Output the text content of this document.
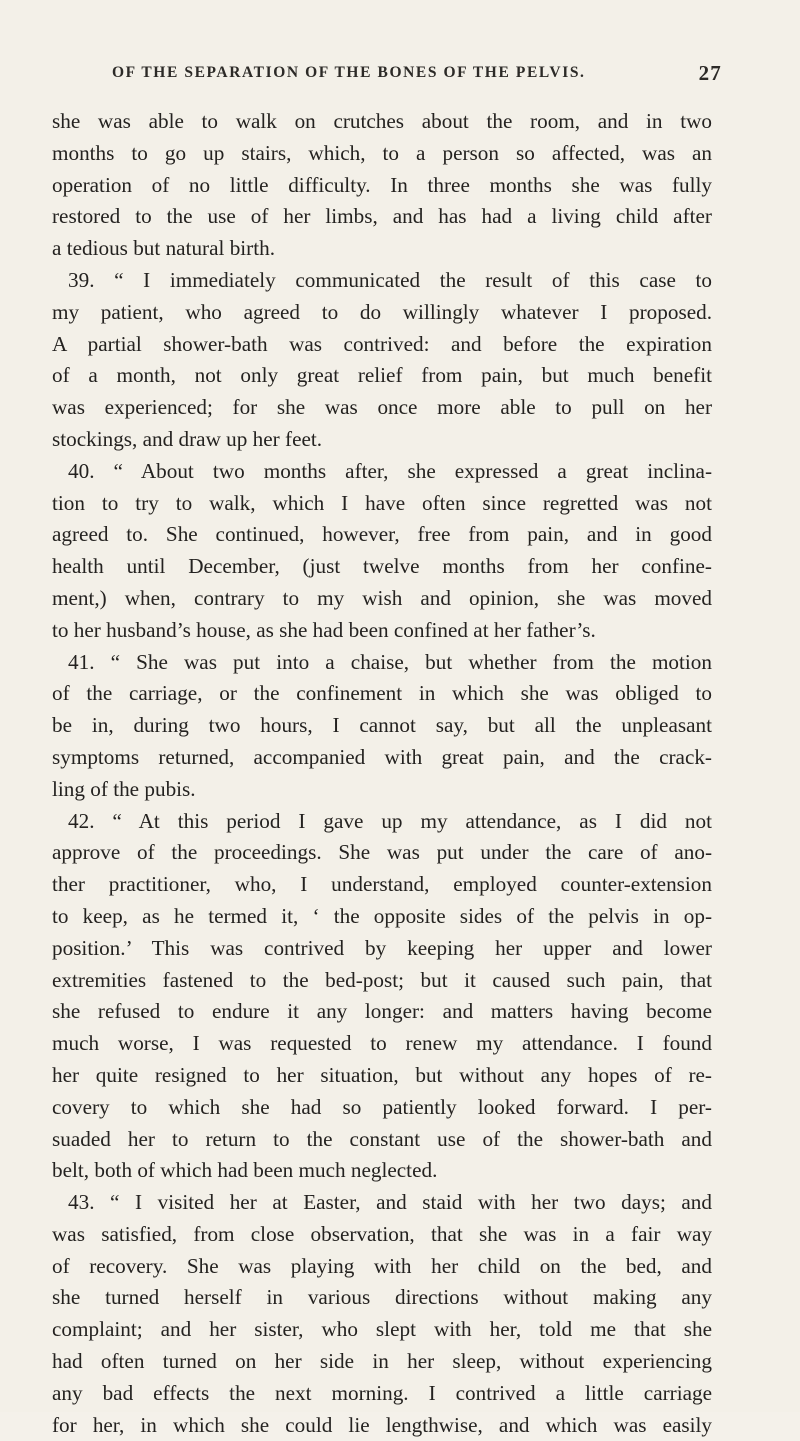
OF THE SEPARATION OF THE BONES OF THE PELVIS.	27
she was able to walk on crutches about the room, and in two
months to go up stairs, which, to a person so affected, was an
operation of no little difficulty. In three months she was fully
restored to the use of her limbs, and has had a living child after
a tedious but natural birth.
39. “ I immediately communicated the result of this case to
my patient, who agreed to do willingly whatever I proposed.
A partial shower-bath was contrived: and before the expiration
of a month, not only great relief from pain, but much benefit
was experienced; for she was once more able to pull on her
stockings, and draw up her feet.
40. “ About two months after, she expressed a great inclina-
tion to try to walk, which I have often since regretted was not
agreed to. She continued, however, free from pain, and in good
health until December, (just twelve months from her confine-
ment,) when, contrary to my wish and opinion, she was moved
to her husband’s house, as she had been confined at her father’s.
41. “ She was put into a chaise, but whether from the motion
of the carriage, or the confinement in which she was obliged to
be in, during two hours, I cannot say, but all the unpleasant
symptoms returned, accompanied with great pain, and the crack-
ling of the pubis.
42. “ At this period I gave up my attendance, as I did not
approve of the proceedings. She was put under the care of ano-
ther practitioner, who, I understand, employed counter-extension
to keep, as he termed it, ‘ the opposite sides of the pelvis in op-
position.’ This was contrived by keeping her upper and lower
extremities fastened to the bed-post; but it caused such pain, that
she refused to endure it any longer: and matters having become
much worse, I was requested to renew my attendance. I found
her quite resigned to her situation, but without any hopes of re-
covery to which she had so patiently looked forward. I per-
suaded her to return to the constant use of the shower-bath and
belt, both of which had been much neglected.
43. “ I visited her at Easter, and staid with her two days; and
was satisfied, from close observation, that she was in a fair way
of recovery. She was playing with her child on the bed, and
she turned herself in various directions without making any
complaint; and her sister, who slept with her, told me that she
had often turned on her side in her sleep, without experiencing
any bad effects the next morning. I contrived a little carriage
for her, in which she could lie lengthwise, and which was easily
